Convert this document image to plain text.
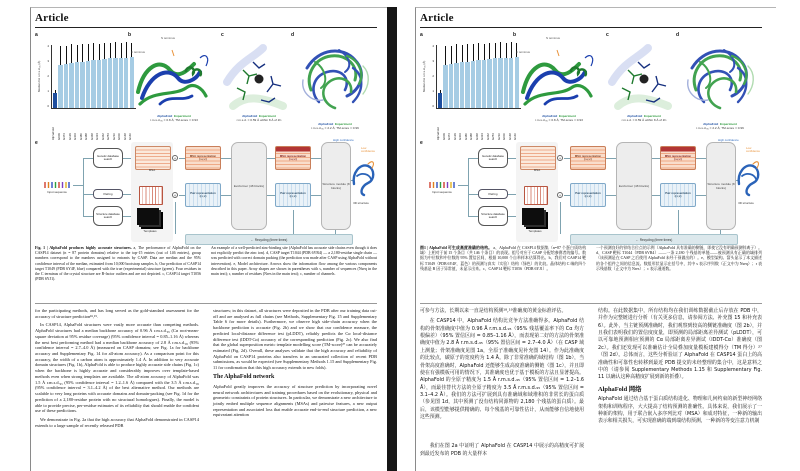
Article
a
Median Cα r.m.s.d.₉₅ (Å)
4
3
2
1
0
AlphaFold G009 G473 G129 G403 G480 G488 G368 G324 G362 G253 G216 G006 G148 G166
b	N terminus
C terminus
AlphaFold Experiment
r.m.s.d.₉₅ = 0.8 Å; TM-score = 0.93
c
AlphaFold Experiment
r.m.s.d. = 0.59 Å within 8 Å of Zn
d
AlphaFold Experiment
r.m.s.d.₉₅ = 2.2 Å; TM-score = 0.96
e
Input sequence
Genetic database search
Pairing
Structure database search
MSA
Templates
+
+
MSA representation (s,r,c)
Pair representation (r,r,c)
Evoformer (48 blocks)
MSA representation (s,r,c)
Pair representation (r,r,c)
Structure module (8 blocks)
High confidence
Low confidence
3D structure
← Recycling (three times)
Fig. 1 | AlphaFold produces highly accurate structures. a, The performance of AlphaFold on the CASP14 dataset (n = 87 protein domains) relative to the top-15 entries (out of 146 entries), group numbers correspond to the numbers assigned to entrants by CASP. Data are median and the 95% confidence interval of the median, estimated from 10,000 bootstrap samples. b, Our prediction of CASP14 target T1049 (PDB 6Y4F, blue) compared with the true (experimental) structure (green). Four residues in the C terminus of the crystal structure are B-factor outliers and are not depicted. c, CASP14 target T1056 (PDB 6YJ1).
An example of a well-predicted zinc-binding site (AlphaFold has accurate side chains even though it does not explicitly predict the zinc ion). d, CASP target T1044 (PDB 6VR4) — a 2,180-residue single chain — was predicted with correct domain packing (the prediction was made after CASP using AlphaFold without intervention). e, Model architecture. Arrows show the information flow among the various components described in this paper. Array shapes are shown in parentheses with s, number of sequences (Nseq in the main text); r, number of residues (Nres in the main text); c, number of channels.

for the participating methods, and has long served as the gold-standard assessment for the accuracy of structure prediction¹⁸,¹⁹.

In CASP14, AlphaFold structures were vastly more accurate than competing methods. AlphaFold structures had a median backbone accuracy of 0.96 Å r.m.s.d.₉₅ (Cα root-mean-square deviation at 95% residue coverage) (95% confidence interval = 0.85–1.16 Å) whereas the next best performing method had a median backbone accuracy of 2.8 Å r.m.s.d.₉₅ (95% confidence interval = 2.7–4.0 Å) (measured on CASP domains; see Fig. 1a for backbone accuracy and Supplementary Fig. 14 for all-atom accuracy). As a comparison point for this accuracy, the width of a carbon atom is approximately 1.4 Å. In addition to very accurate domain structures (Fig. 1b), AlphaFold is able to produce highly accurate side chains (Fig. 1c) when the backbone is highly accurate and considerably improves over template-based methods even when strong templates are available. The all-atom accuracy of AlphaFold was 1.5 Å r.m.s.d.₉₅ (95% confidence interval = 1.2–1.6 Å) compared with the 3.5 Å r.m.s.d.₉₅ (95% confidence interval = 3.1–4.2 Å) of the best alternative method. Our methods are scalable to very long proteins with accurate domains and domain-packing (see Fig. 1d for the prediction of a 2,180-residue protein with no structural homologues). Finally, the model is able to provide precise, per-residue estimates of its reliability that should enable the confident use of these predictions.

We demonstrate in Fig. 2a that the high accuracy that AlphaFold demonstrated in CASP14 extends to a large sample of recently released PDB

structures; in this dataset, all structures were deposited in the PDB after our training data cut-off and are analysed as full chains (see Methods, Supplementary Fig. 15 and Supplementary Table 6 for more details). Furthermore, we observe high side-chain accuracy when the backbone prediction is accurate (Fig. 2b) and we show that our confidence measure, the predicted local-distance difference test (pLDDT), reliably predicts the Cα local-distance difference test (lDDT-Cα) accuracy of the corresponding prediction (Fig. 2c). We also find that the global superposition metric template modelling score (TM-score)²⁷ can be accurately estimated (Fig. 2d). Overall, these analyses validate that the high accuracy and reliability of AlphaFold on CASP14 proteins also transfers to an uncurated collection of recent PDB submissions, as would be expected (see Supplementary Methods 1.15 and Supplementary Fig. 11 for confirmation that this high accuracy extends to new folds).

The AlphaFold network

AlphaFold greatly improves the accuracy of structure prediction by incorporating novel neural network architectures and training procedures based on the evolutionary, physical and geometric constraints of protein structures. In particular, we demonstrate a new architecture to jointly embed multiple sequence alignments (MSAs) and pairwise features, a new output representation and associated loss that enable accurate end-to-end structure prediction, a new equivariant attention

Article
a
Median Cα r.m.s.d.₉₅ (Å)
4
3
2
1
0
AlphaFold G009 G473 G129 G403 G480 G488 G368 G324 G362 G253 G216 G006 G148 G166
b	N terminus
C terminus
AlphaFold Experiment
r.m.s.d.₉₅ = 0.8 Å; TM-score = 0.93
c
AlphaFold Experiment
r.m.s.d. = 0.59 Å within 8 Å of Zn
d
AlphaFold Experiment
r.m.s.d.₉₅ = 2.2 Å; TM-score = 0.96
e
Input sequence
Genetic database search
Pairing
Structure database search
MSA
Templates
+
+
MSA representation (s,r,c)
Pair representation (r,r,c)
Evoformer (48 blocks)
MSA representation (s,r,c)
Pair representation (r,r,c)
Structure module (8 blocks)
High confidence
Low confidence
3D structure
← Recycling (three times)
图1 | AlphaFold 可生成高度准确的结构。 a、AlphaFold 在 CASP14 数据集（n=87 个蛋白质结构域）上相对于前 15 个条目（共 146 个条目）的表现。组号对应于 CASP 分配给参赛者的编号。数据为中位数和中位数的 95% 置信区间，根据 10,000 个自举样本估算得出。b、我们对 CASP14 靶标 T1049（PDB 6Y4F，蓝色）的预测与真实（实验）结构（绿色）的比较。晶体结构 C 端的四个残基是 B 因子异常值，未显示出来。c、CASP14 靶标 T1056（PDB 6YJ1）。
一个预测良好的锌结合位点的示例（AlphaFold 具有准确的侧链，即使它没有明确预测锌离子）。d、CASP 靶标 T1044（PDB 6VR4）——一条 2,180 个残基的单链——被预测具有正确的域排列（该预测是在 CASP 之后使用 AlphaFold 未经干预做出的）。e、模型架构。箭头显示了本文描述的各个组件之间的信息流。数组形状显示在括号中，其中 s 表示序列数（正文中为 Nseq）；r 表示残基数（正文中为 Nres）；c 表示通道数。

可参与方法，长期以来一直是结构预测¹⁸,¹⁹准确度的黄金标准评估。

在 CASP14 中，AlphaFold 结构比竞争方法准确得多。AlphaFold 结构的骨架准确度中值为 0.96 Å r.m.s.d.₉₅（95% 残基覆盖率下的 Cα 均方根偏差）（95% 置信区间 = 0.85–1.16 Å），而表现第二好的方法的骨架准确度中值为 2.8 Å r.m.s.d.₉₅（95% 置信区间 = 2.7–4.0 Å）（在 CASP 域上测量；骨架准确度见图 1a，全原子准确度见补充图 14）。作为此准确度的比较点，碳原子的宽度约为 1.4 Å。除了非常准确的域结构（图 1b），当骨架高度准确时，AlphaFold 还能够生成高度准确的侧链（图 1c），并且即使在有强模板可用的情况下，其准确度也优于基于模板的方法且显著提高。AlphaFold 的全原子精度为 1.5 Å r.m.s.d.₉₅（95% 置信区间 = 1.2–1.6 Å），而最佳替代方法的全原子精度为 3.5 Å r.m.s.d.₉₅（95% 置信区间 = 3.1–4.2 Å）。我们的方法可扩展到具有准确域和域堆积的非常长的蛋白质（参见图 1d，其中预测了没有结构同源物的 2,180 个残基的蛋白质）。最后，该模型能够提供精确的、每个残基的可靠性估计，从而能够自信地使用这些预测。

我们在图 2a 中证明了 AlphaFold 在 CASP14 中展示的高精度可扩展到最近发布的 PDB 的大量样本

结构。在此数据集中，所有结构均在我们训练数据截止后存放在 PDB 中，并作为完整链进行分析（有关更多信息，请参阅方法、补充图 15 和补充表 6）。此外，当主链预测准确时，我们观察到较高的侧链准确度（图 2b），并且我们表明我们的置信度度量，即预测的局部距离差异测试（pLDDT），可以可靠地预测相应预测的 Cα 局部距离差异测试（lDDT-Cα）准确度（图 2c）。我们还发现可以准确估计全局叠加度量模板建模得分（TM 得分）²⁷（图 2d）。总体而言，这些分析验证了 AlphaFold 在 CASP14 蛋白上的高准确性和可靠性也转移到最近 PDB 提交的未经整理的集合中，这是意料之中的（请参阅 Supplementary Methods 1.15 和 Supplementary Fig. 11 以确认这种高精度扩展到新的折叠）。

AlphaFold 网络

AlphaFold 通过结合基于蛋白质结构进化、物理和几何约束的新型神经网络架构和训练程序，大大提高了结构预测的准确性。具体来说，我们展示了一种新的架构，用于联合嵌入多序列比对（MSA）和成对特征，一种新的输出表示和相关损失，可实现准确的端到端结构预测，一种新的等变注意力机制
